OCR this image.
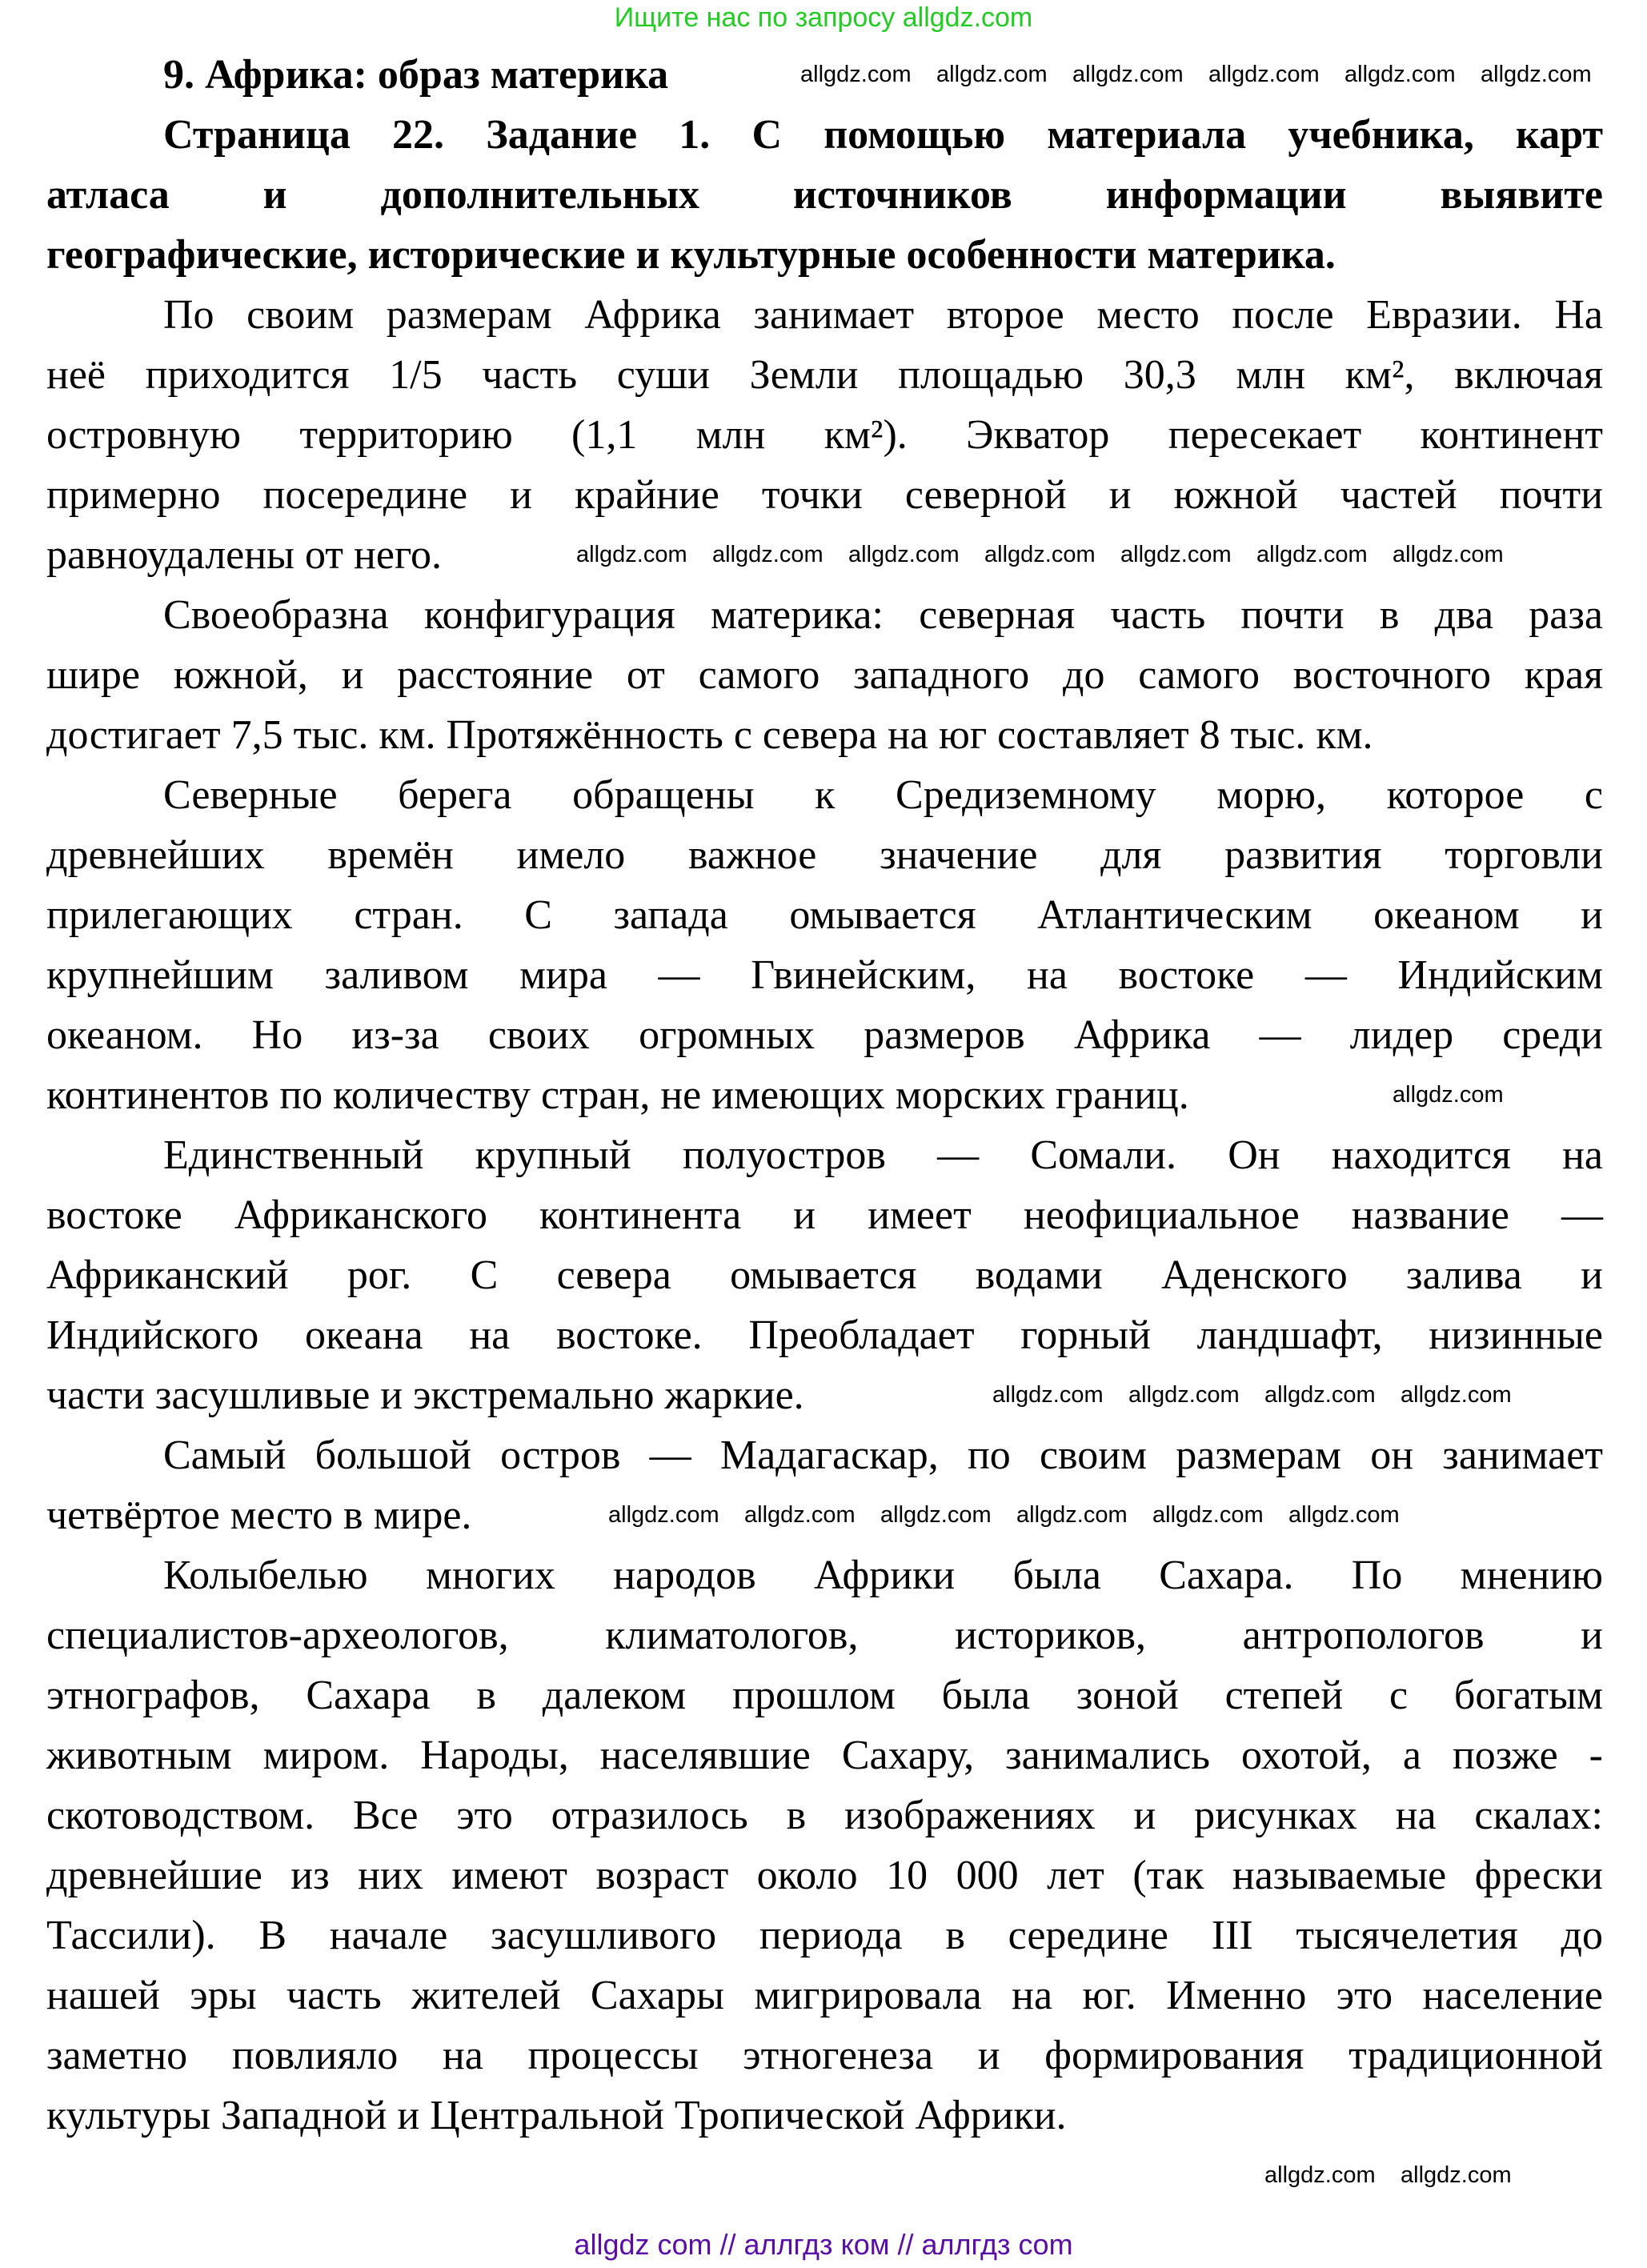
Ищите нас по запросу allgdz.com
9. Африка: образ материка
Страница 22. Задание 1. С помощью материала учебника, карт
атласа и дополнительных источников информации выявите
географические, исторические и культурные особенности материка.
По своим размерам Африка занимает второе место после Евразии. На
неё приходится 1/5 часть суши Земли площадью 30,3 млн км², включая
островную территорию (1,1 млн км²). Экватор пересекает континент
примерно посередине и крайние точки северной и южной частей почти
равноудалены от него.
Своеобразна конфигурация материка: северная часть почти в два раза
шире южной, и расстояние от самого западного до самого восточного края
достигает 7,5 тыс. км. Протяжённость с севера на юг составляет 8 тыс. км.
Северные берега обращены к Средиземному морю, которое с
древнейших времён имело важное значение для развития торговли
прилегающих стран. С запада омывается Атлантическим океаном и
крупнейшим заливом мира — Гвинейским, на востоке — Индийским
океаном. Но из-за своих огромных размеров Африка — лидер среди
континентов по количеству стран, не имеющих морских границ.
Единственный крупный полуостров — Сомали. Он находится на
востоке Африканского континента и имеет неофициальное название —
Африканский рог. С севера омывается водами Аденского залива и
Индийского океана на востоке. Преобладает горный ландшафт, низинные
части засушливые и экстремально жаркие.
Самый большой остров — Мадагаскар, по своим размерам он занимает
четвёртое место в мире.
Колыбелью многих народов Африки была Сахара. По мнению
специалистов-археологов, климатологов, историков, антропологов и
этнографов, Сахара в далеком прошлом была зоной степей с богатым
животным миром. Народы, населявшие Сахару, занимались охотой, а позже -
скотоводством. Все это отразилось в изображениях и рисунках на скалах:
древнейшие из них имеют возраст около 10 000 лет (так называемые фрески
Тассили). В начале засушливого периода в середине III тысячелетия до
нашей эры часть жителей Сахары мигрировала на юг. Именно это население
заметно повлияло на процессы этногенеза и формирования традиционной
культуры Западной и Центральной Тропической Африки.
allgdz.com allgdz.com allgdz.com allgdz.com allgdz.com allgdz.com
allgdz.com allgdz.com allgdz.com allgdz.com allgdz.com allgdz.com allgdz.com
allgdz.com
allgdz.com allgdz.com allgdz.com allgdz.com
allgdz.com allgdz.com allgdz.com allgdz.com allgdz.com allgdz.com
allgdz.com allgdz.com
allgdz com // аллгдз ком // аллгдз com
